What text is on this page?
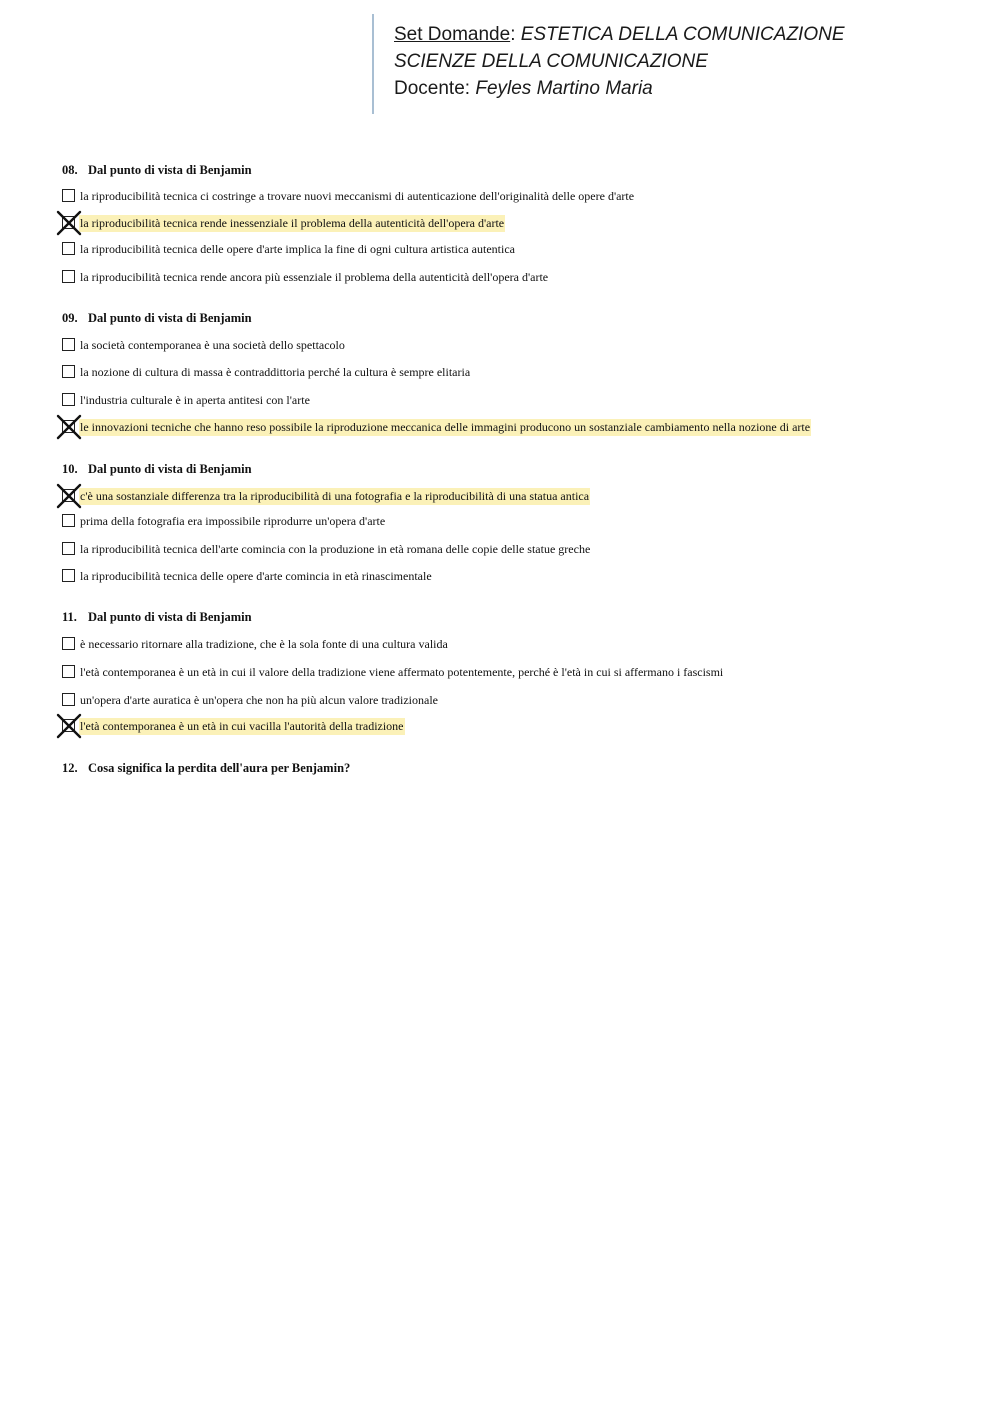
Set Domande: ESTETICA DELLA COMUNICAZIONE
SCIENZE DELLA COMUNICAZIONE
Docente: Feyles Martino Maria
08. Dal punto di vista di Benjamin
la riproducibilità tecnica ci costringe a trovare nuovi meccanismi di autenticazione dell'originalità delle opere d'arte
la riproducibilità tecnica rende inessenziale il problema della autenticità dell'opera d'arte
la riproducibilità tecnica delle opere d'arte implica la fine di ogni cultura artistica autentica
la riproducibilità tecnica rende ancora più essenziale il problema della autenticità dell'opera d'arte
09. Dal punto di vista di Benjamin
la società contemporanea è una società dello spettacolo
la nozione di cultura di massa è contraddittoria perché la cultura è sempre elitaria
l'industria culturale è in aperta antitesi con l'arte
le innovazioni tecniche che hanno reso possibile la riproduzione meccanica delle immagini producono un sostanziale cambiamento nella nozione di arte
10. Dal punto di vista di Benjamin
c'è una sostanziale differenza tra la riproducibilità di una fotografia e la riproducibilità di una statua antica
prima della fotografia era impossibile riprodurre un'opera d'arte
la riproducibilità tecnica dell'arte comincia con la produzione in età romana delle copie delle statue greche
la riproducibilità tecnica delle opere d'arte comincia in età rinascimentale
11. Dal punto di vista di Benjamin
è necessario ritornare alla tradizione, che è la sola fonte di una cultura valida
l'età contemporanea è un età in cui il valore della tradizione viene affermato potentemente, perché è l'età in cui si affermano i fascismi
un'opera d'arte auratica è un'opera che non ha più alcun valore tradizionale
l'età contemporanea è un età in cui vacilla l'autorità della tradizione
12. Cosa significa la perdita dell'aura per Benjamin?
